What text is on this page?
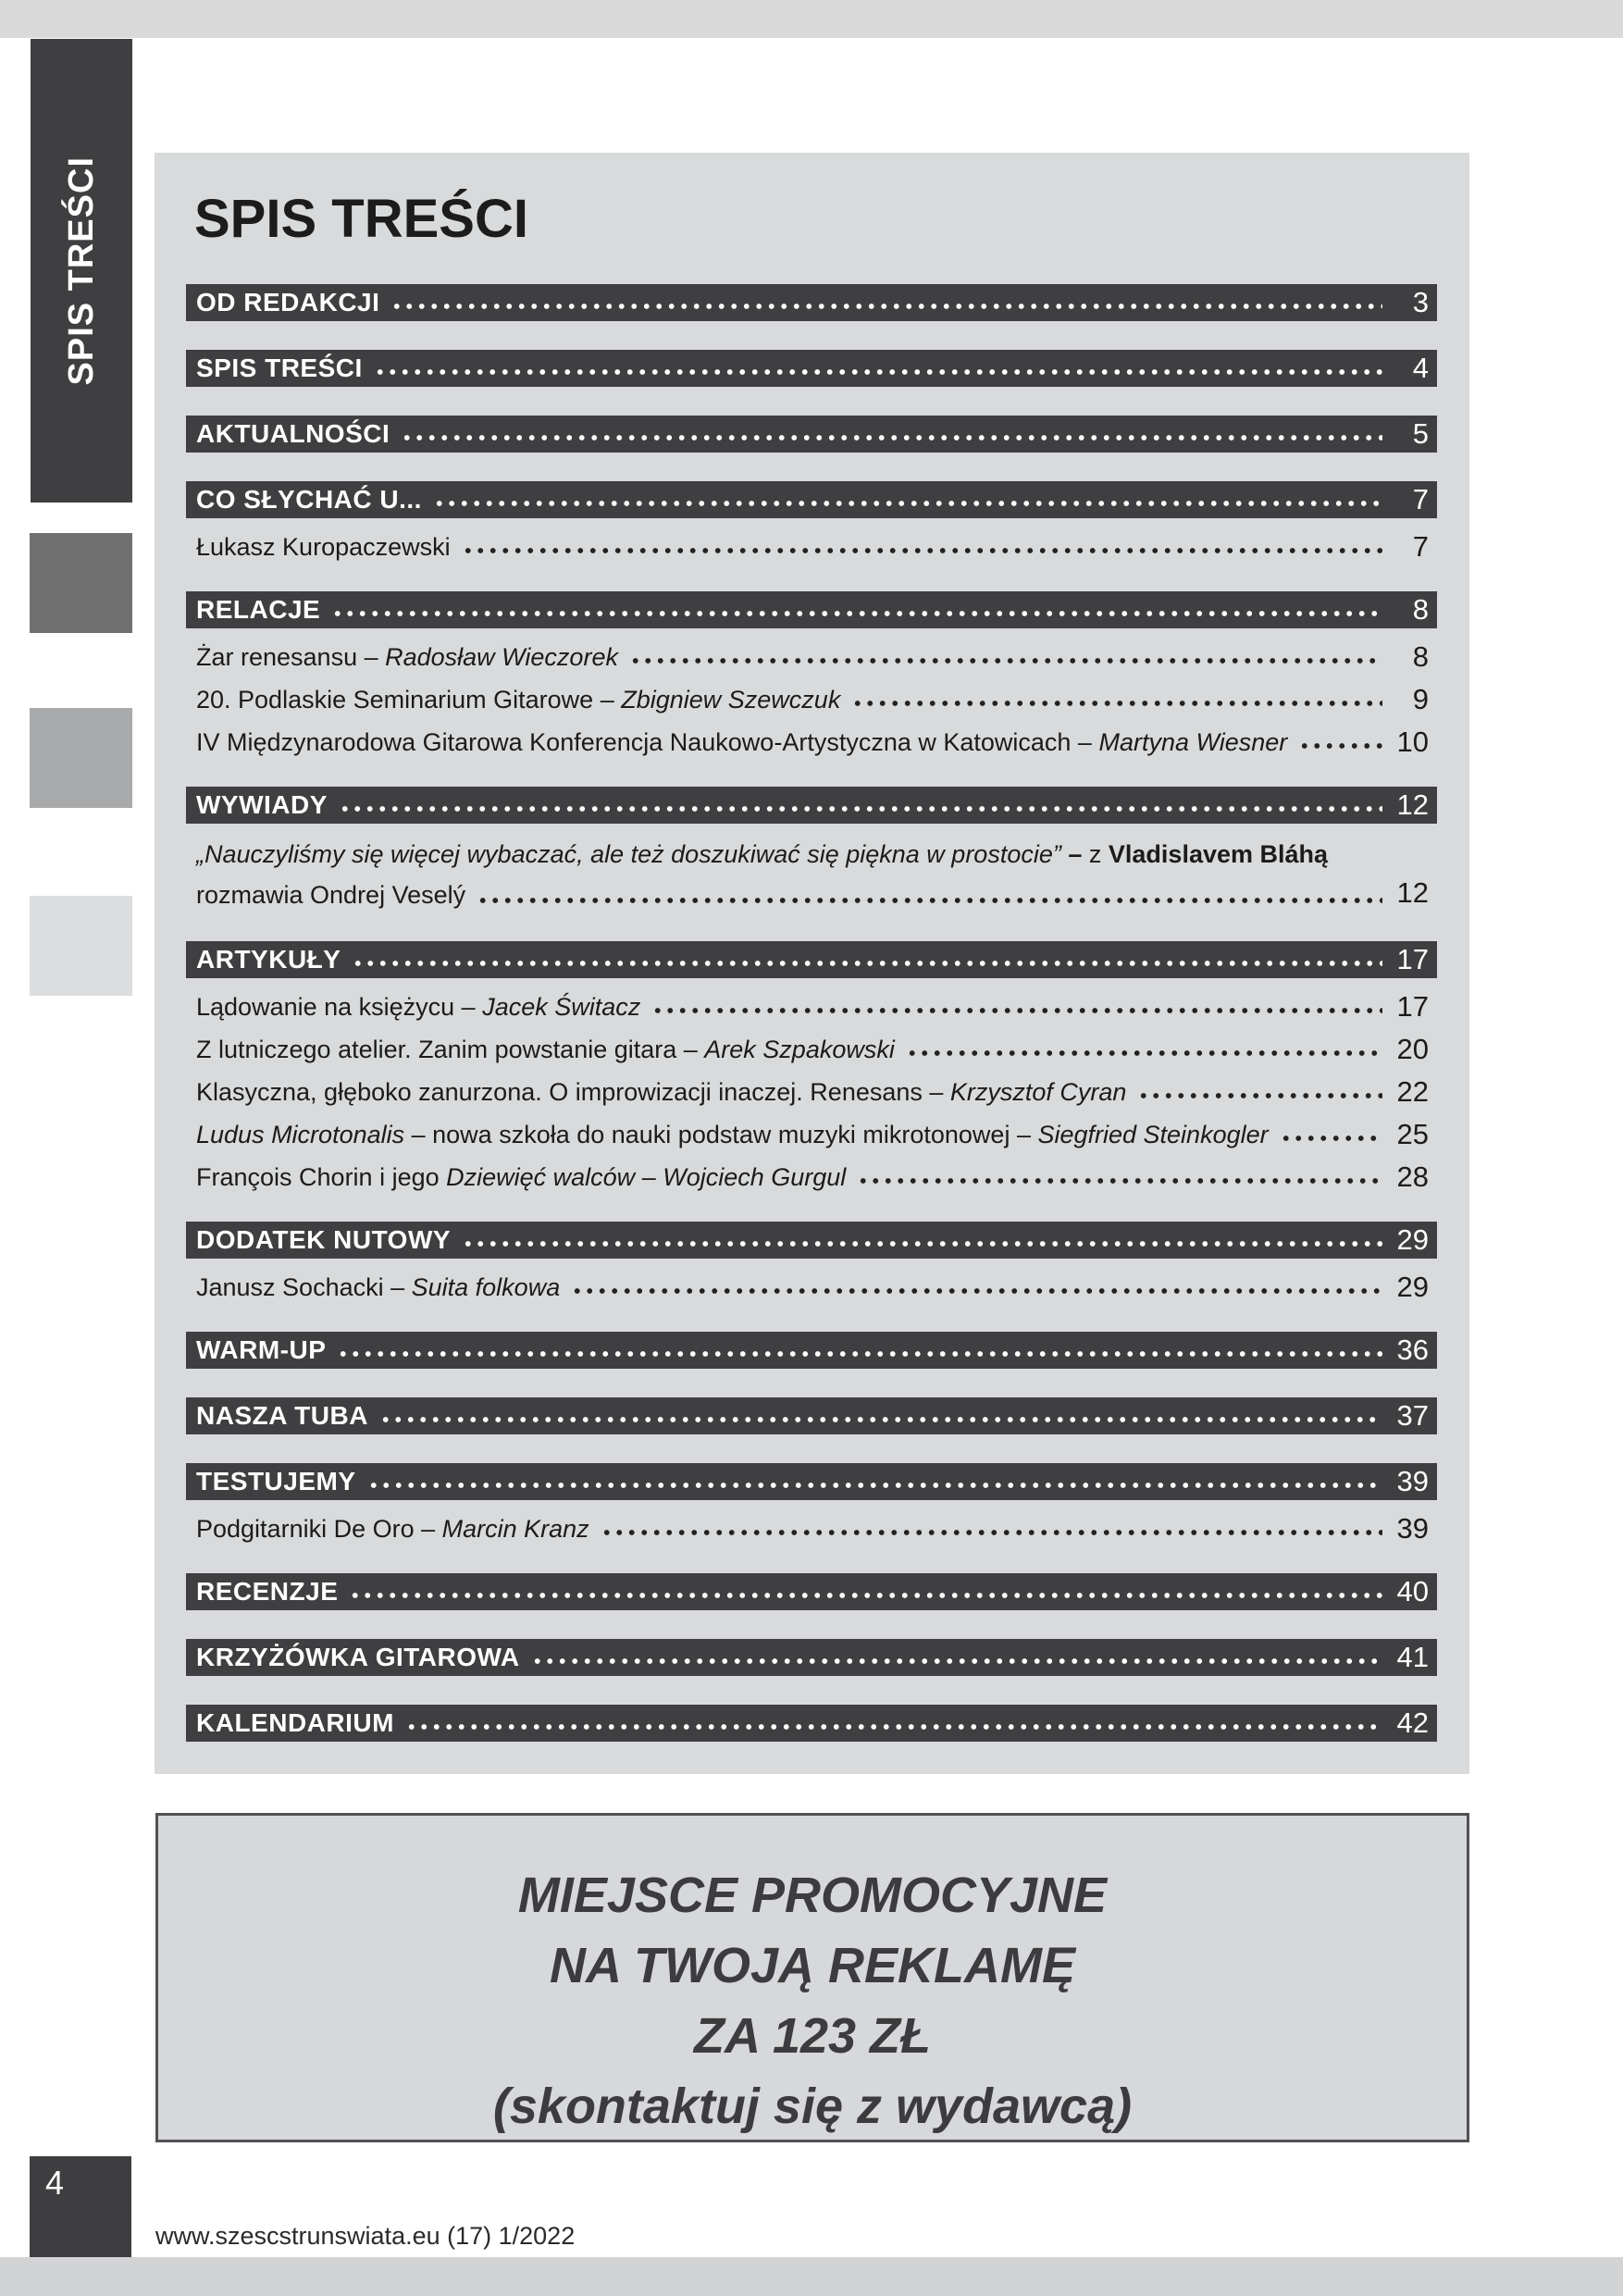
SPIS TREŚCI SPIS TREŚCI
OD REDAKCJI	3
SPIS TREŚCI	4
AKTUALNOŚCI	5
CO SŁYCHAĆ U...	7
Łukasz Kuropaczewski	7
RELACJE	8
Żar renesansu – Radosław Wieczorek	8
20. Podlaskie Seminarium Gitarowe – Zbigniew Szewczuk	9
IV Międzynarodowa Gitarowa Konferencja Naukowo-Artystyczna w Katowicach – Martyna Wiesner	10
WYWIADY	12
„Nauczyliśmy się więcej wybaczać, ale też doszukiwać się piękna w prostocie” – z Vladislavem Bláhą
rozmawia Ondrej Veselý	12
ARTYKUŁY	17
Lądowanie na księżycu – Jacek Świtacz	17
Z lutniczego atelier. Zanim powstanie gitara – Arek Szpakowski	20
Klasyczna, głęboko zanurzona. O improwizacji inaczej. Renesans – Krzysztof Cyran	22
Ludus Microtonalis – nowa szkoła do nauki podstaw muzyki mikrotonowej – Siegfried Steinkogler	25
François Chorin i jego Dziewięć walców – Wojciech Gurgul	28
DODATEK NUTOWY	29
Janusz Sochacki – Suita folkowa	29
WARM-UP	36
NASZA TUBA	37
TESTUJEMY	39
Podgitarniki De Oro – Marcin Kranz	39
RECENZJE	40
KRZYŻÓWKA GITAROWA	41
KALENDARIUM	42
MIEJSCE PROMOCYJNE
NA TWOJĄ REKLAMĘ
ZA 123 ZŁ
(skontaktuj się z wydawcą)
4
www.szescstrunswiata.eu (17) 1/2022
